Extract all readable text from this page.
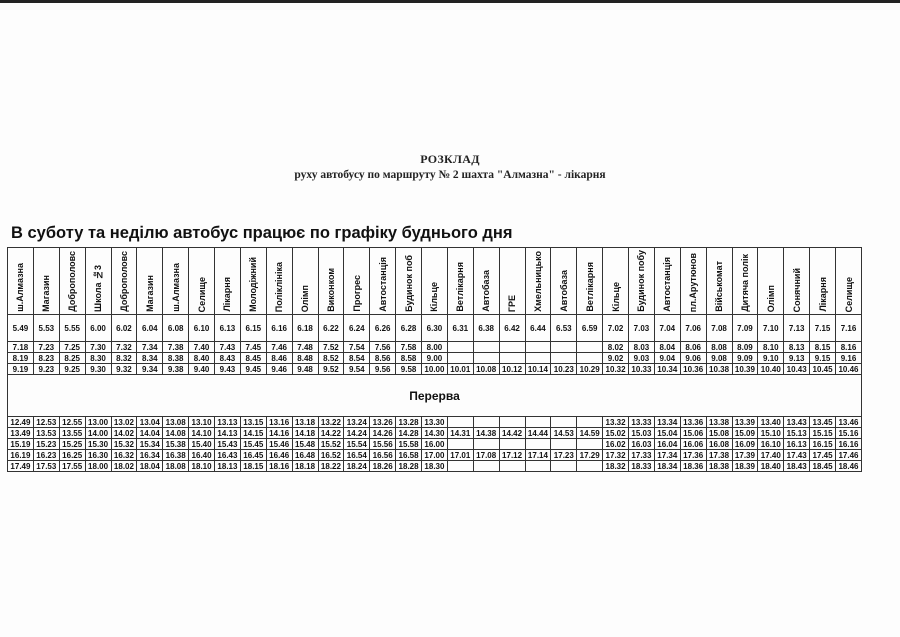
РОЗКЛАД
руху автобусу по маршруту № 2 шахта "Алмазна" - лікарня
В суботу та неділю автобус працює по графіку буднього дня
ш.Алмазна	Магазин	Доброполовс	Школа №3	Доброполовс	Магазин	ш.Алмазна	Селище	Лікарня	Молодіжний	Поліклініка	Олімп	Виконком	Прогрес	Автостанція	Будинок поб	Кільце	Ветлікарня	Автобаза	ГРЕ	Хмельницько	Автобаза	Ветлікарня	Кільце	Будинок побу	Автостанція	пл.Арутюнов	Військомат	Дитяча полік	Олімп	Сонячний	Лікарня	Селище
5.49	5.53	5.55	6.00	6.02	6.04	6.08	6.10	6.13	6.15	6.16	6.18	6.22	6.24	6.26	6.28	6.30	6.31	6.38	6.42	6.44	6.53	6.59	7.02	7.03	7.04	7.06	7.08	7.09	7.10	7.13	7.15	7.16
7.18	7.23	7.25	7.30	7.32	7.34	7.38	7.40	7.43	7.45	7.46	7.48	7.52	7.54	7.56	7.58	8.00							8.02	8.03	8.04	8.06	8.08	8.09	8.10	8.13	8.15	8.16
8.19	8.23	8.25	8.30	8.32	8.34	8.38	8.40	8.43	8.45	8.46	8.48	8.52	8.54	8.56	8.58	9.00							9.02	9.03	9.04	9.06	9.08	9.09	9.10	9.13	9.15	9.16
9.19	9.23	9.25	9.30	9.32	9.34	9.38	9.40	9.43	9.45	9.46	9.48	9.52	9.54	9.56	9.58	10.00	10.01	10.08	10.12	10.14	10.23	10.29	10.32	10.33	10.34	10.36	10.38	10.39	10.40	10.43	10.45	10.46
Перерва																																
12.49	12.53	12.55	13.00	13.02	13.04	13.08	13.10	13.13	13.15	13.16	13.18	13.22	13.24	13.26	13.28	13.30							13.32	13.33	13.34	13.36	13.38	13.39	13.40	13.43	13.45	13.46
13.49	13.53	13.55	14.00	14.02	14.04	14.08	14.10	14.13	14.15	14.16	14.18	14.22	14.24	14.26	14.28	14.30	14.31	14.38	14.42	14.44	14.53	14.59	15.02	15.03	15.04	15.06	15.08	15.09	15.10	15.13	15.15	15.16
15.19	15.23	15.25	15.30	15.32	15.34	15.38	15.40	15.43	15.45	15.46	15.48	15.52	15.54	15.56	15.58	16.00							16.02	16.03	16.04	16.06	16.08	16.09	16.10	16.13	16.15	16.16
16.19	16.23	16.25	16.30	16.32	16.34	16.38	16.40	16.43	16.45	16.46	16.48	16.52	16.54	16.56	16.58	17.00	17.01	17.08	17.12	17.14	17.23	17.29	17.32	17.33	17.34	17.36	17.38	17.39	17.40	17.43	17.45	17.46
17.49	17.53	17.55	18.00	18.02	18.04	18.08	18.10	18.13	18.15	18.16	18.18	18.22	18.24	18.26	18.28	18.30							18.32	18.33	18.34	18.36	18.38	18.39	18.40	18.43	18.45	18.46
